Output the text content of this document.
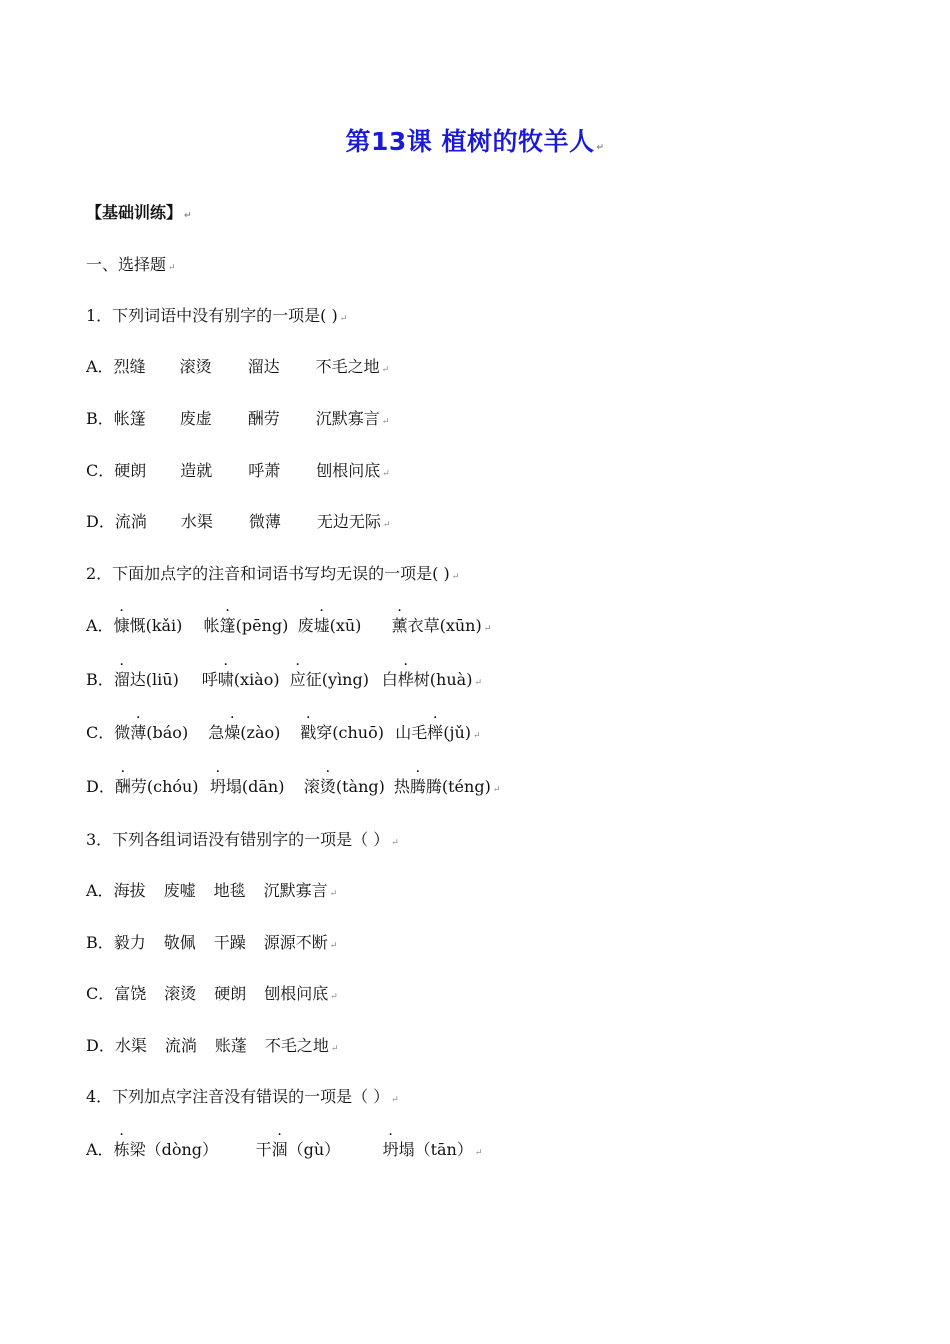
第13课 植树的牧羊人 ↵
【基础训练】 ↵
一、选择题 ↵
1．下列词语中没有别字的一项是( ) ↵
A．烈缝 滚烫 溜达 不毛之地 ↵
B．帐篷 废虚 酬劳 沉默寡言 ↵
C．硬朗 造就 呼萧 刨根问底 ↵
D．流淌 水渠 微薄 无边无际 ↵
2．下面加点字的注音和词语书写均无误的一项是( ) ↵
A．慷慨(kǎi) 帐篷(pēng) 废墟(xū) 薰衣草(xūn) ↵
B．溜达(liū) 呼啸(xiào) 应征(yìng) 白桦树(huà) ↵
C．微薄(báo) 急燥(zào) 戳穿(chuō) 山毛榉(jǔ) ↵
D．酬劳(chóu) 坍塌(dān) 滚烫(tàng) 热腾腾(téng) ↵
3．下列各组词语没有错别字的一项是（ ） ↵
A．海拔 废嘘 地毯 沉默寡言 ↵
B．毅力 敬佩 干躁 源源不断 ↵
C．富饶 滚烫 硬朗 刨根问底 ↵
D．水渠 流淌 账蓬 不毛之地 ↵
4．下列加点字注音没有错误的一项是（ ） ↵
A．栋梁（dòng） 干涸（gù）	坍塌（tān） ↵
